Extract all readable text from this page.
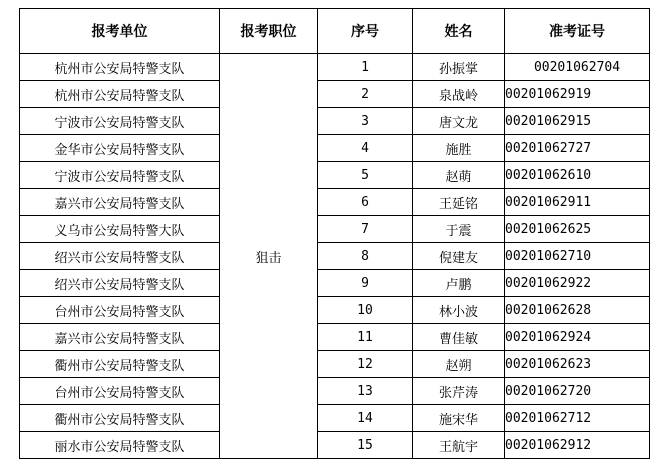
报考单位	报考职位	序号	姓名	准考证号
杭州市公安局特警支队	狙击	1	孙振掌	00201062704
杭州市公安局特警支队		2	泉战岭	00201062919
宁波市公安局特警支队		3	唐文龙	00201062915
金华市公安局特警支队		4	施胜	00201062727
宁波市公安局特警支队		5	赵萌	00201062610
嘉兴市公安局特警支队		6	王延铭	00201062911
义乌市公安局特警大队		7	于震	00201062625
绍兴市公安局特警支队		8	倪建友	00201062710
绍兴市公安局特警支队		9	卢鹏	00201062922
台州市公安局特警支队		10	林小波	00201062628
嘉兴市公安局特警支队		11	曹佳敏	00201062924
衢州市公安局特警支队		12	赵朔	00201062623
台州市公安局特警支队		13	张芹涛	00201062720
衢州市公安局特警支队		14	施宋华	00201062712
丽水市公安局特警支队		15	王航宇	00201062912
